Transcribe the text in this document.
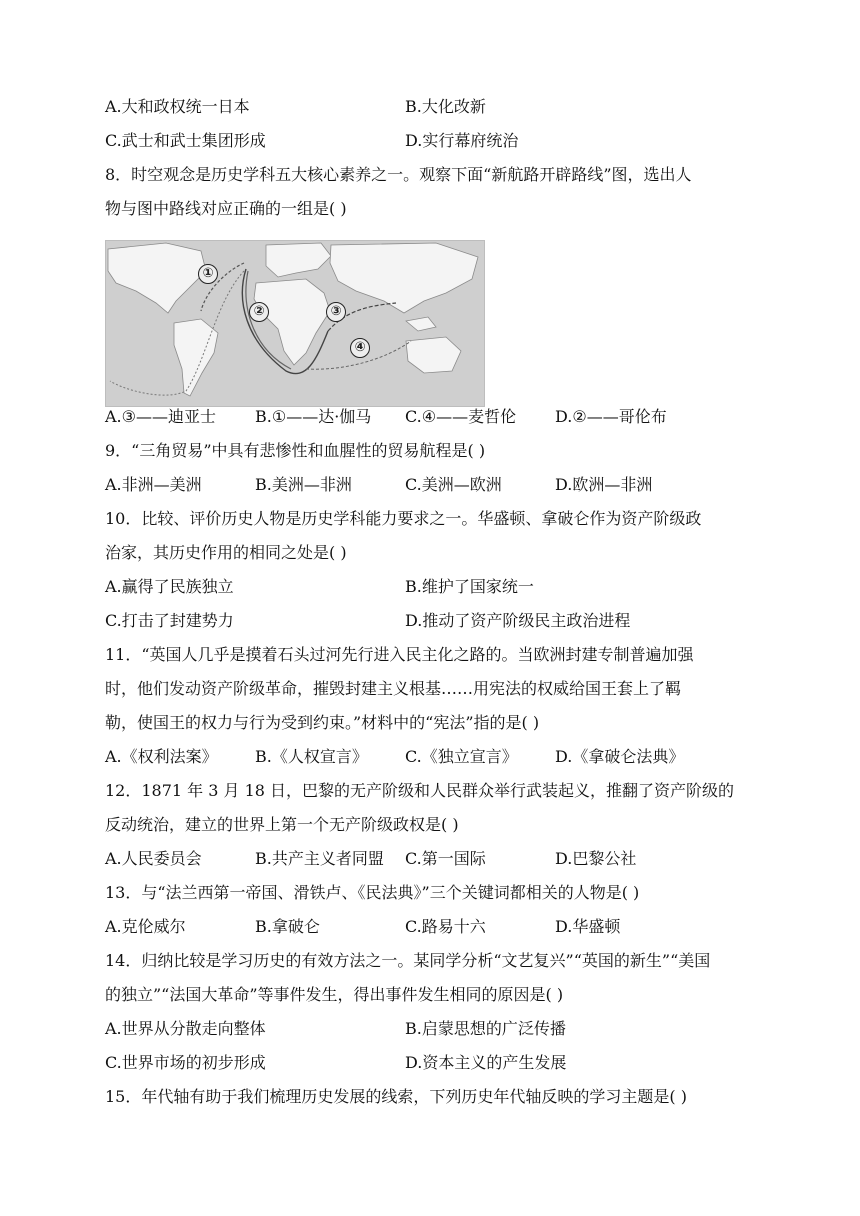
A.大和政权统一日本	B.大化改新
C.武士和武士集团形成	D.实行幕府统治
8．时空观念是历史学科五大核心素养之一。观察下面“新航路开辟路线”图，选出人
物与图中路线对应正确的一组是( )
A.③——迪亚士 B.①——达·伽马 C.④——麦哲伦 D.②——哥伦布
9．“三角贸易”中具有悲惨性和血腥性的贸易航程是( )
A.非洲—美洲	B.美洲—非洲	C.美洲—欧洲	D.欧洲—非洲
10．比较、评价历史人物是历史学科能力要求之一。华盛顿、拿破仑作为资产阶级政
治家，其历史作用的相同之处是( )
A.赢得了民族独立	B.维护了国家统一
C.打击了封建势力	D.推动了资产阶级民主政治进程
11．“英国人几乎是摸着石头过河先行进入民主化之路的。当欧洲封建专制普遍加强
时，他们发动资产阶级革命，摧毁封建主义根基……用宪法的权威给国王套上了羁
勒，使国王的权力与行为受到约束。”材料中的“宪法”指的是( )
A.《权利法案》 B.《人权宣言》 C.《独立宣言》 D.《拿破仑法典》
12．1871 年 3 月 18 日，巴黎的无产阶级和人民群众举行武装起义，推翻了资产阶级的
反动统治，建立的世界上第一个无产阶级政权是( )
A.人民委员会	B.共产主义者同盟 C.第一国际	D.巴黎公社
13．与“法兰西第一帝国、滑铁卢、《民法典》”三个关键词都相关的人物是( )
A.克伦威尔	B.拿破仑	C.路易十六	D.华盛顿
14．归纳比较是学习历史的有效方法之一。某同学分析“文艺复兴”“英国的新生”“美国
的独立”“法国大革命”等事件发生，得出事件发生相同的原因是( )
A.世界从分散走向整体	B.启蒙思想的广泛传播
C.世界市场的初步形成	D.资本主义的产生发展
15．年代轴有助于我们梳理历史发展的线索，下列历史年代轴反映的学习主题是( )
①
②	③
④
